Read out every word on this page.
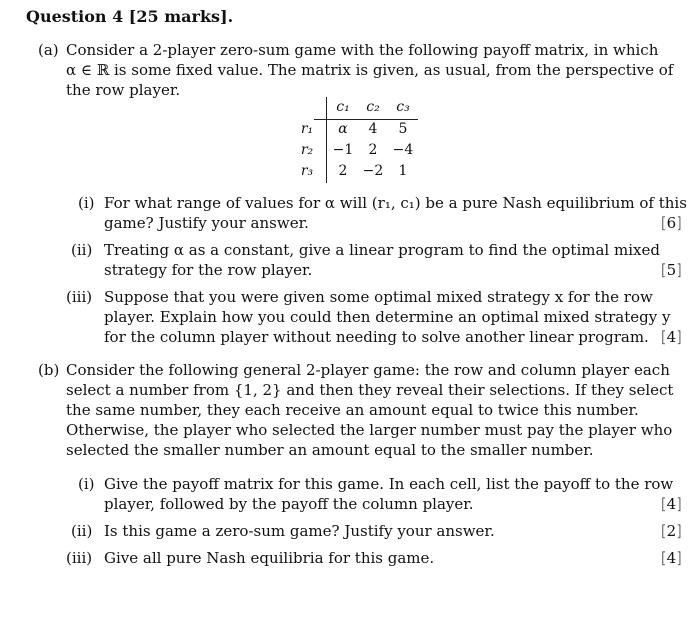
Question 4 [25 marks].
(a) Consider a 2-player zero-sum game with the following payoff matrix, in which
α ∈ ℝ is some fixed value. The matrix is given, as usual, from the perspective of
the row player.
c₁	c₂	c₃
r₁	α	4	5
r₂	−1	2	−4
r₃	2	−2	1
(i) For what range of values for α will (r₁, c₁) be a pure Nash equilibrium of this
game? Justify your answer.	[6]
(ii) Treating α as a constant, give a linear program to find the optimal mixed
strategy for the row player.	[5]
(iii) Suppose that you were given some optimal mixed strategy x for the row
player. Explain how you could then determine an optimal mixed strategy y
for the column player without needing to solve another linear program. [4]
(b) Consider the following general 2-player game: the row and column player each
select a number from {1, 2} and then they reveal their selections. If they select
the same number, they each receive an amount equal to twice this number.
Otherwise, the player who selected the larger number must pay the player who
selected the smaller number an amount equal to the smaller number.
(i) Give the payoff matrix for this game. In each cell, list the payoff to the row
player, followed by the payoff the column player.	[4]
(ii) Is this game a zero-sum game? Justify your answer.	[2]
(iii) Give all pure Nash equilibria for this game.	[4]
